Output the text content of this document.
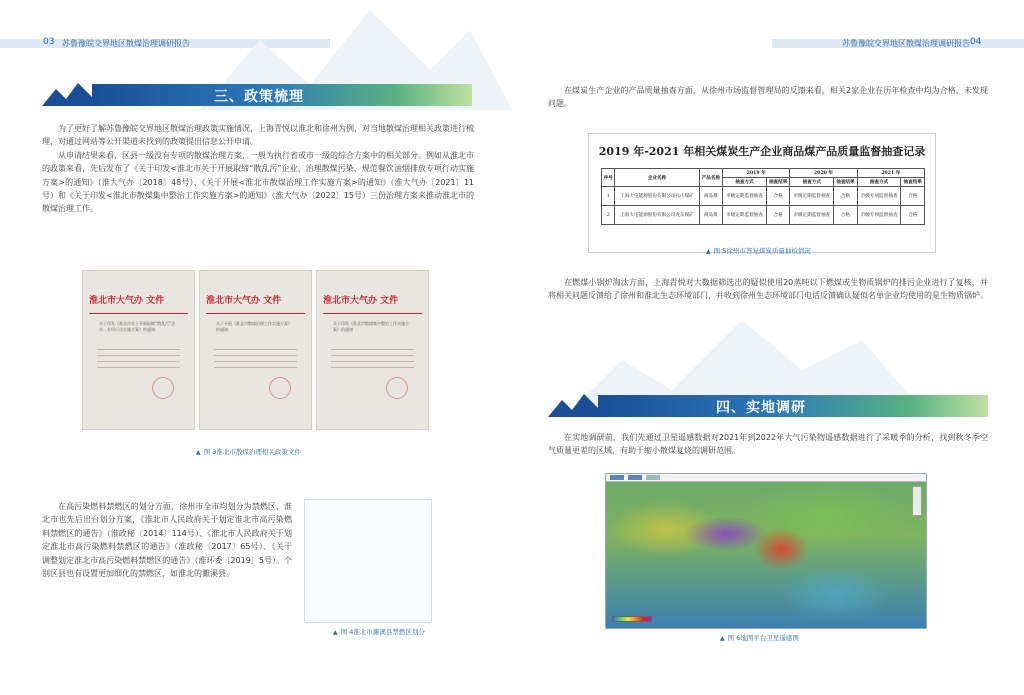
03 苏鲁豫皖交界地区散煤治理调研报告
三、政策梳理

为了更好了解苏鲁豫皖交界地区散煤治理政策实施情况，上海青悦以淮北和徐州为例，对当地散煤治理相关政策进行梳理，对通过网站等公开渠道未找到的政策提出信息公开申请。

从申请结果来看，区县一级没有专项的散煤治理方案，一般为执行省或市一级的综合方案中的相关部分。例如从淮北市的政策来看，先后发布了《关于印发<淮北市关于开展取缔“散乱污”企业、治理散煤污染、规范餐饮油烟排放专项行动实施方案>的通知》（淮大气办〔2018〕48号）、《关于开展<淮北市散煤治理工作实施方案>的通知》（淮大气办〔2021〕11号）和《关于印发<淮北市散煤集中整治工作实施方案>的通知》（淮大气办〔2022〕15号）三份治理方案来推动淮北市的散煤治理工作。

淮北市大气办 文件
关于印发《淮北市关于开展取缔“散乱污”企业…专项行动实施方案》的通知
淮北市大气办 文件
关于开展《淮北市散煤治理工作实施方案》的通知
淮北市大气办 文件
关于印发《淮北市散煤集中整治工作实施方案》的通知
▲ 图 3淮北市散煤治理相关政策文件

在高污染燃料禁燃区的划分方面，徐州市全市均划分为禁燃区，淮北市也先后出台划分方案，《淮北市人民政府关于划定淮北市高污染燃料禁燃区的通告》（淮政秘〔2014〕114号）、《淮北市人民政府关于划定淮北市高污染燃料禁燃区的通告》（淮政秘〔2017〕65号）、《关于调整划定淮北市高污染燃料禁燃区的通告》（淮环委〔2019〕5号）。个别区县也有设置更加细化的禁燃区，如淮北的濉溪县。

▲ 图 4淮北市濉溪县禁燃区划分
苏鲁豫皖交界地区散煤治理调研报告 04

在煤炭生产企业的产品质量抽查方面，从徐州市场监督管理局的反馈来看，相关2家企业在历年检查中均为合格，未发现问题。

2019 年-2021 年相关煤炭生产企业商品煤产品质量监督抽查记录
序号	企业名称	产品名称	2019 年		2020 年		2021 年	
			抽查方式	抽查结果	抽查方式	抽查结果	抽查方式	抽查结果
1	上海大屯能源股份有限公司孔庄煤矿	商品煤	市级定期监督抽查	合格	市级定期监督抽查	合格	市级专项监督抽查	合格
2	上海大屯能源股份有限公司龙东煤矿	商品煤	市级定期监督抽查	合格	市级定期监督抽查	合格	市级专项监督抽查	合格
▲ 图 5徐州市答复煤炭质量抽检情况

在燃煤小锅炉淘汰方面，上海青悦对大数据筛选出的疑似使用20蒸吨以下燃煤或生物质锅炉的排污企业进行了复核，并将相关问题反馈给了徐州和淮北生态环境部门，并收到徐州生态环境部门电话反馈确认疑似名单企业均使用的是生物质锅炉。

四、实地调研

在实地调研前，我们先通过卫星遥感数据对2021年到2022年大气污染物遥感数据进行了采暖季的分析，找到秋冬季空气质量更差的区域，有助于缩小散煤复烧的调研范围。

▲ 图 6地图平台卫星遥感图
